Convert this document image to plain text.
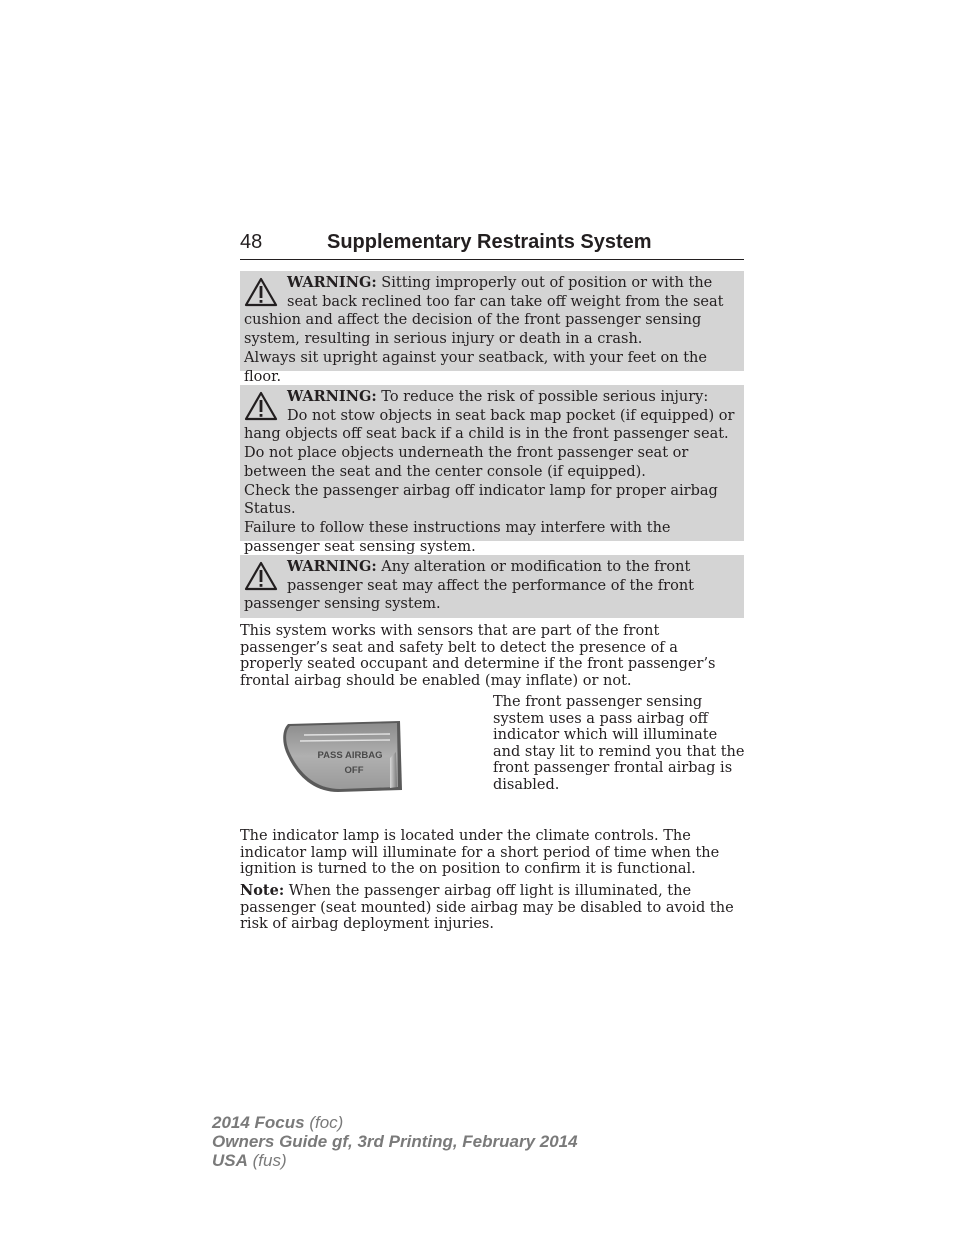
48	Supplementary Restraints System

WARNING: Sitting improperly out of position or with the seat back reclined too far can take off weight from the seat cushion and affect the decision of the front passenger sensing system, resulting in serious injury or death in a crash.

Always sit upright against your seatback, with your feet on the floor.

WARNING: To reduce the risk of possible serious injury:

Do not stow objects in seat back map pocket (if equipped) or hang objects off seat back if a child is in the front passenger seat.

Do not place objects underneath the front passenger seat or between the seat and the center console (if equipped).

Check the passenger airbag off indicator lamp for proper airbag Status.

Failure to follow these instructions may interfere with the passenger seat sensing system.

WARNING: Any alteration or modification to the front passenger seat may affect the performance of the front passenger sensing system.

This system works with sensors that are part of the front passenger’s seat and safety belt to detect the presence of a properly seated occupant and determine if the front passenger’s frontal airbag should be enabled (may inflate) or not.

PASS AIRBAG
OFF

The front passenger sensing system uses a pass airbag off indicator which will illuminate and stay lit to remind you that the front passenger frontal airbag is disabled.

The indicator lamp is located under the climate controls. The indicator lamp will illuminate for a short period of time when the ignition is turned to the on position to confirm it is functional.

Note: When the passenger airbag off light is illuminated, the passenger (seat mounted) side airbag may be disabled to avoid the risk of airbag deployment injuries.

2014 Focus (foc)
Owners Guide gf, 3rd Printing, February 2014
USA (fus)
